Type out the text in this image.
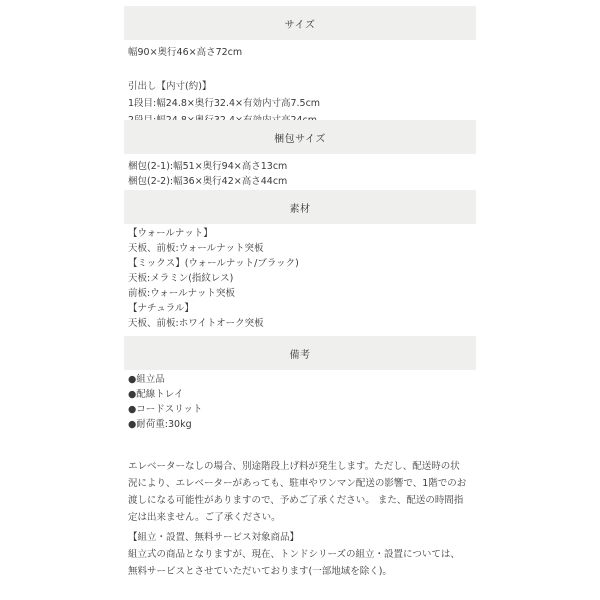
サイズ
幅90×奥行46×高さ72cm
引出し【内寸(約)】
1段目:幅24.8×奥行32.4×有効内寸高7.5cm
梱包サイズ
梱包(2-1):幅51×奥行94×高さ13cm
梱包(2-2):幅36×奥行42×高さ44cm
素材
【ウォールナット】
天板、前板:ウォールナット突板
【ミックス】(ウォールナット/ブラック)
天板:メラミン(指紋レス)
前板:ウォールナット突板
【ナチュラル】
天板、前板:ホワイトオーク突板
備考
●組立品
●配線トレイ
●コードスリット
●耐荷重:30kg
エレベーターなしの場合、別途階段上げ料が発生します。ただし、配送時の状
況により、エレベーターがあっても、駐車やワンマン配送の影響で、1階でのお
渡しになる可能性がありますので、予めご了承ください。 また、配送の時間指
定は出来ません。ご了承ください。
【組立・設置、無料サービス対象商品】
組立式の商品となりますが、現在、トンドシリーズの組立・設置については、
無料サービスとさせていただいております(一部地域を除く)。
